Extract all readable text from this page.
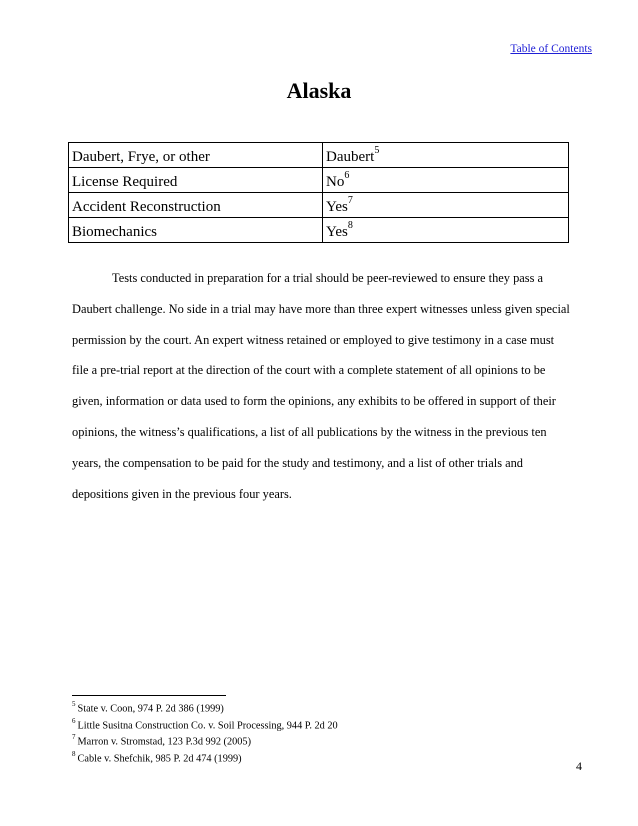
Table of Contents
Alaska
Daubert, Frye, or other	Daubert$^5$
License Required	No$^6$
Accident Reconstruction	Yes$^7$
Biomechanics	Yes$^8$

Tests conducted in preparation for a trial should be peer-reviewed to ensure they pass a Daubert challenge. No side in a trial may have more than three expert witnesses unless given special permission by the court. An expert witness retained or employed to give testimony in a case must file a pre-trial report at the direction of the court with a complete statement of all opinions to be given, information or data used to form the opinions, any exhibits to be offered in support of their opinions, the witness’s qualifications, a list of all publications by the witness in the previous ten years, the compensation to be paid for the study and testimony, and a list of other trials and depositions given in the previous four years.

$^5$ State v. Coon, 974 P. 2d 386 (1999)
$^6$ Little Susitna Construction Co. v. Soil Processing, 944 P. 2d 20
$^7$ Marron v. Stromstad, 123 P.3d 992 (2005)
$^8$ Cable v. Shefchik, 985 P. 2d 474 (1999)
4
